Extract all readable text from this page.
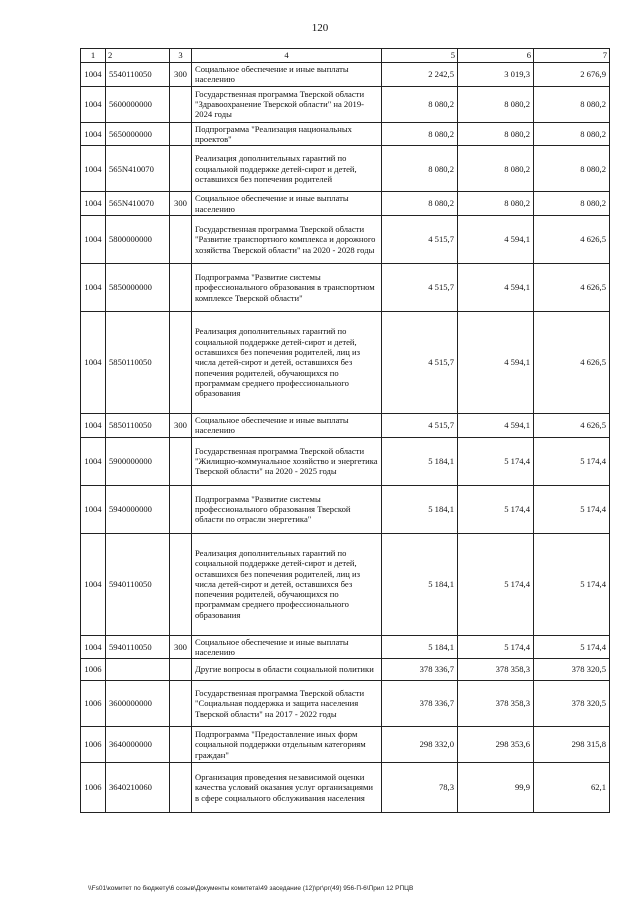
120
1	2	3	4	5	6	7
1004	5540110050	300	Социальное обеспечение и иные выплаты населению	2 242,5	3 019,3	2 676,9
1004	5600000000		Государственная программа Тверской области "Здравоохранение Тверской области" на 2019-2024 годы	8 080,2	8 080,2	8 080,2
1004	5650000000		Подпрограмма "Реализация национальных проектов"	8 080,2	8 080,2	8 080,2
1004	565N410070		Реализация дополнительных гарантий по социальной поддержке детей-сирот и детей, оставшихся без попечения родителей	8 080,2	8 080,2	8 080,2
1004	565N410070	300	Социальное обеспечение и иные выплаты населению	8 080,2	8 080,2	8 080,2
1004	5800000000		Государственная программа Тверской области "Развитие транспортного комплекса и дорожного хозяйства Тверской области" на 2020 - 2028 годы	4 515,7	4 594,1	4 626,5
1004	5850000000		Подпрограмма "Развитие системы профессионального образования в транспортном комплексе Тверской области"	4 515,7	4 594,1	4 626,5
1004	5850110050		Реализация дополнительных гарантий по социальной поддержке детей-сирот и детей, оставшихся без попечения родителей, лиц из числа детей-сирот и детей, оставшихся без попечения родителей, обучающихся по программам среднего профессионального образования	4 515,7	4 594,1	4 626,5
1004	5850110050	300	Социальное обеспечение и иные выплаты населению	4 515,7	4 594,1	4 626,5
1004	5900000000		Государственная программа Тверской области "Жилищно-коммунальное хозяйство и энергетика Тверской области" на 2020 - 2025 годы	5 184,1	5 174,4	5 174,4
1004	5940000000		Подпрограмма "Развитие системы профессионального образования Тверской области по отрасли энергетика"	5 184,1	5 174,4	5 174,4
1004	5940110050		Реализация дополнительных гарантий по социальной поддержке детей-сирот и детей, оставшихся без попечения родителей, лиц из числа детей-сирот и детей, оставшихся без попечения родителей, обучающихся по программам среднего профессионального образования	5 184,1	5 174,4	5 174,4
1004	5940110050	300	Социальное обеспечение и иные выплаты населению	5 184,1	5 174,4	5 174,4
1006			Другие вопросы в области социальной политики	378 336,7	378 358,3	378 320,5
1006	3600000000		Государственная программа Тверской области "Социальная поддержка и защита населения Тверской области" на 2017 - 2022 годы	378 336,7	378 358,3	378 320,5
1006	3640000000		Подпрограмма "Предоставление иных форм социальной поддержки отдельным категориям граждан"	298 332,0	298 353,6	298 315,8
1006	3640210060		Организация проведения независимой оценки качества условий оказания услуг организациями в сфере социального обслуживания населения	78,3	99,9	62,1
\\Fs01\комитет по бюджету\6 созыв\Документы комитета\49 заседание (12)\рг\рг(49) 956-П-6\Прил 12 РПЦВ
